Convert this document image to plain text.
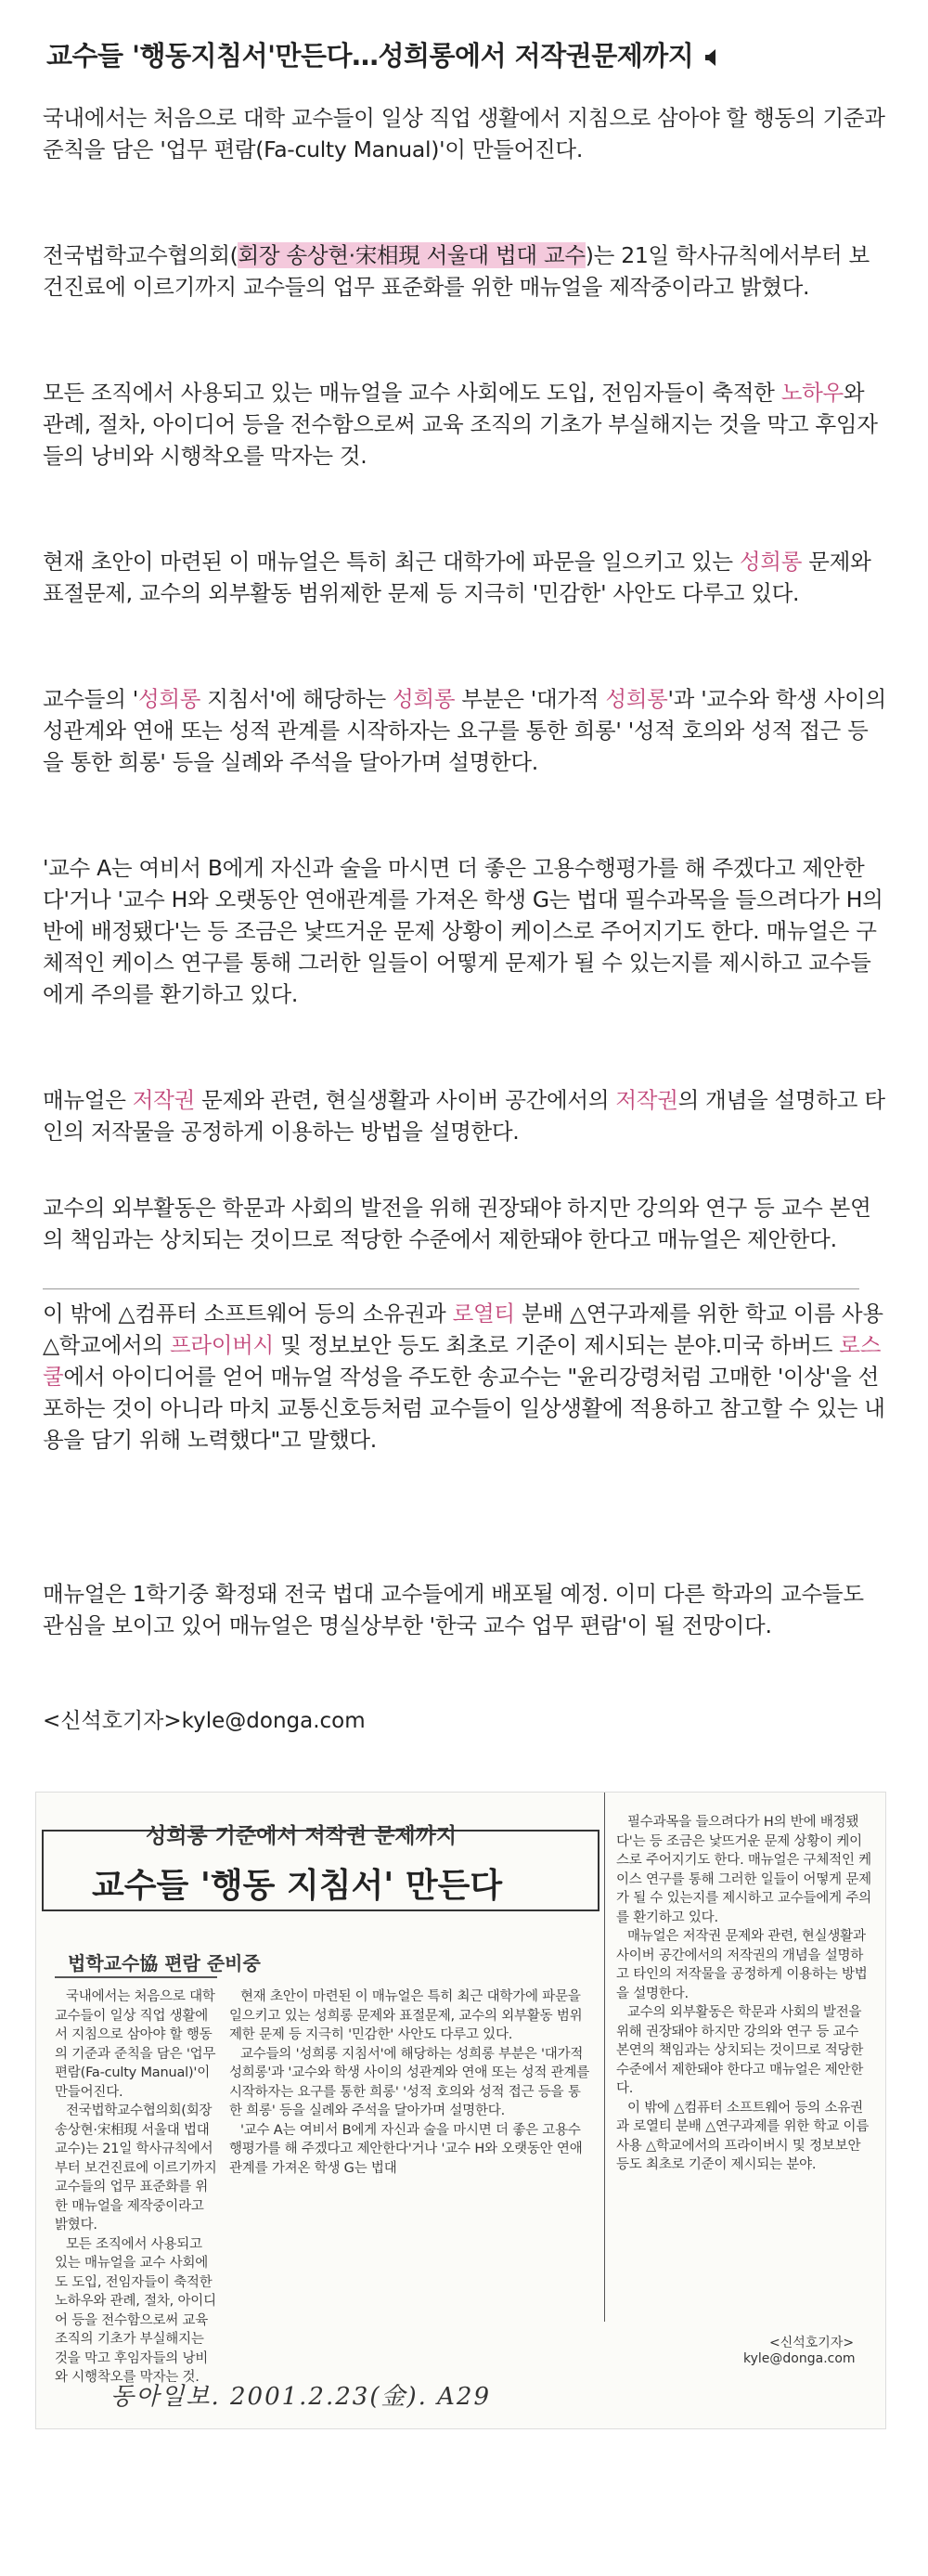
교수들 '행동지침서'만든다…성희롱에서 저작권문제까지

국내에서는 처음으로 대학 교수들이 일상 직업 생활에서 지침으로 삼아야 할 행동의 기준과 준칙을 담은 '업무 편람(Fa-culty Manual)'이 만들어진다.

전국법학교수협의회(회장 송상현·宋相現 서울대 법대 교수)는 21일 학사규칙에서부터 보건진료에 이르기까지 교수들의 업무 표준화를 위한 매뉴얼을 제작중이라고 밝혔다.

모든 조직에서 사용되고 있는 매뉴얼을 교수 사회에도 도입, 전임자들이 축적한 노하우와 관례, 절차, 아이디어 등을 전수함으로써 교육 조직의 기초가 부실해지는 것을 막고 후임자들의 낭비와 시행착오를 막자는 것.

현재 초안이 마련된 이 매뉴얼은 특히 최근 대학가에 파문을 일으키고 있는 성희롱 문제와 표절문제, 교수의 외부활동 범위제한 문제 등 지극히 '민감한' 사안도 다루고 있다.

교수들의 '성희롱 지침서'에 해당하는 성희롱 부분은 '대가적 성희롱'과 '교수와 학생 사이의 성관계와 연애 또는 성적 관계를 시작하자는 요구를 통한 희롱' '성적 호의와 성적 접근 등을 통한 희롱' 등을 실례와 주석을 달아가며 설명한다.

'교수 A는 여비서 B에게 자신과 술을 마시면 더 좋은 고용수행평가를 해 주겠다고 제안한다'거나 '교수 H와 오랫동안 연애관계를 가져온 학생 G는 법대 필수과목을 들으려다가 H의 반에 배정됐다'는 등 조금은 낯뜨거운 문제 상황이 케이스로 주어지기도 한다. 매뉴얼은 구체적인 케이스 연구를 통해 그러한 일들이 어떻게 문제가 될 수 있는지를 제시하고 교수들에게 주의를 환기하고 있다.

매뉴얼은 저작권 문제와 관련, 현실생활과 사이버 공간에서의 저작권의 개념을 설명하고 타인의 저작물을 공정하게 이용하는 방법을 설명한다.

교수의 외부활동은 학문과 사회의 발전을 위해 권장돼야 하지만 강의와 연구 등 교수 본연의 책임과는 상치되는 것이므로 적당한 수준에서 제한돼야 한다고 매뉴얼은 제안한다.

이 밖에 △컴퓨터 소프트웨어 등의 소유권과 로열티 분배 △연구과제를 위한 학교 이름 사용 △학교에서의 프라이버시 및 정보보안 등도 최초로 기준이 제시되는 분야.미국 하버드 로스쿨에서 아이디어를 얻어 매뉴얼 작성을 주도한 송교수는 "윤리강령처럼 고매한 '이상'을 선포하는 것이 아니라 마치 교통신호등처럼 교수들이 일상생활에 적용하고 참고할 수 있는 내용을 담기 위해 노력했다"고 말했다.

매뉴얼은 1학기중 확정돼 전국 법대 교수들에게 배포될 예정. 이미 다른 학과의 교수들도 관심을 보이고 있어 매뉴얼은 명실상부한 '한국 교수 업무 편람'이 될 전망이다.

<신석호기자>kyle@donga.com
성희롱 기준에서 저작권 문제까지
교수들 '행동 지침서' 만든다
법학교수協 편람 준비중

국내에서는 처음으로 대학 교수들이 일상 직업 생활에서 지침으로 삼아야 할 행동의 기준과 준칙을 담은 '업무 편람(Fa-culty Manual)'이 만들어진다.

전국법학교수협의회(회장 송상현·宋相現 서울대 법대 교수)는 21일 학사규칙에서부터 보건진료에 이르기까지 교수들의 업무 표준화를 위한 매뉴얼을 제작중이라고 밝혔다.

모든 조직에서 사용되고 있는 매뉴얼을 교수 사회에도 도입, 전임자들이 축적한 노하우와 관례, 절차, 아이디어 등을 전수함으로써 교육 조직의 기초가 부실해지는 것을 막고 후임자들의 낭비와 시행착오를 막자는 것.

현재 초안이 마련된 이 매뉴얼은 특히 최근 대학가에 파문을 일으키고 있는 성희롱 문제와 표절문제, 교수의 외부활동 범위제한 문제 등 지극히 '민감한' 사안도 다루고 있다.

교수들의 '성희롱 지침서'에 해당하는 성희롱 부분은 '대가적 성희롱'과 '교수와 학생 사이의 성관계와 연애 또는 성적 관계를 시작하자는 요구를 통한 희롱' '성적 호의와 성적 접근 등을 통한 희롱' 등을 실례와 주석을 달아가며 설명한다.

'교수 A는 여비서 B에게 자신과 술을 마시면 더 좋은 고용수행평가를 해 주겠다고 제안한다'거나 '교수 H와 오랫동안 연애관계를 가져온 학생 G는 법대

필수과목을 들으려다가 H의 반에 배정됐다'는 등 조금은 낯뜨거운 문제 상황이 케이스로 주어지기도 한다. 매뉴얼은 구체적인 케이스 연구를 통해 그러한 일들이 어떻게 문제가 될 수 있는지를 제시하고 교수들에게 주의를 환기하고 있다.

매뉴얼은 저작권 문제와 관련, 현실생활과 사이버 공간에서의 저작권의 개념을 설명하고 타인의 저작물을 공정하게 이용하는 방법을 설명한다.

교수의 외부활동은 학문과 사회의 발전을 위해 권장돼야 하지만 강의와 연구 등 교수 본연의 책임과는 상치되는 것이므로 적당한 수준에서 제한돼야 한다고 매뉴얼은 제안한다.

이 밖에 △컴퓨터 소프트웨어 등의 소유권과 로열티 분배 △연구과제를 위한 학교 이름 사용 △학교에서의 프라이버시 및 정보보안 등도 최초로 기준이 제시되는 분야.

<신석호기자>
kyle@donga.com
동아일보. 2001.2.23(金). A29
